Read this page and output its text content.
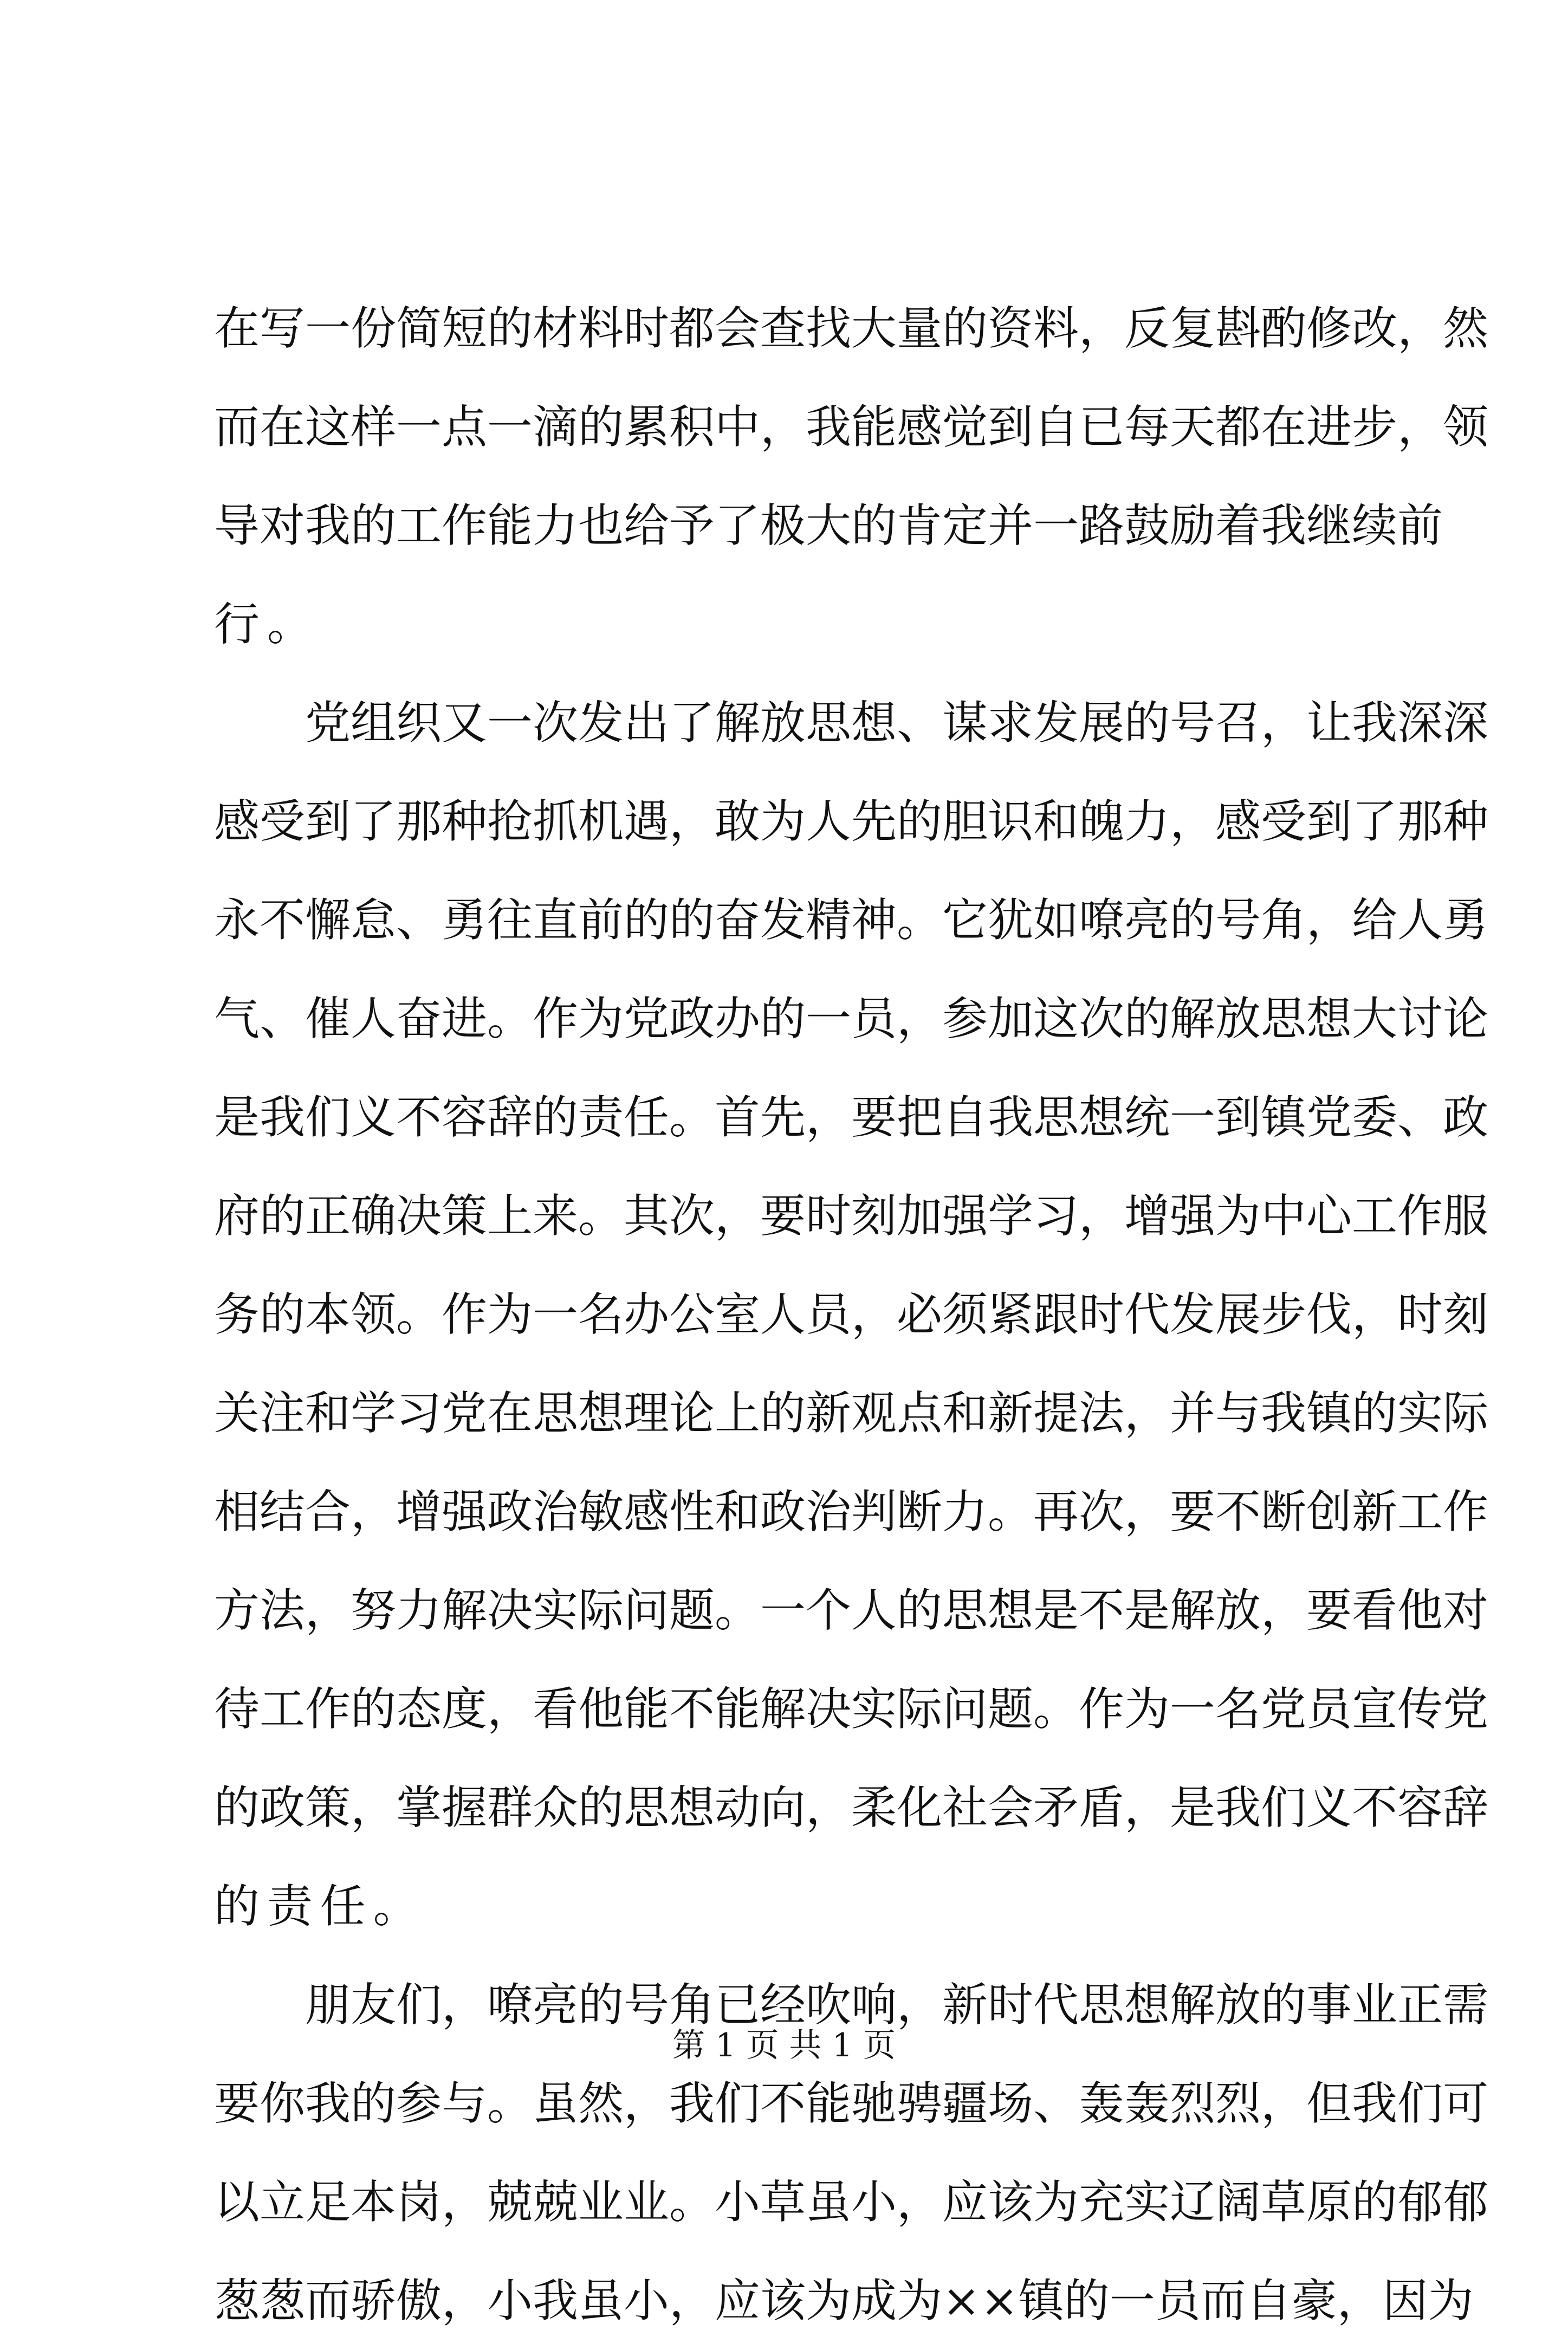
在写一份简短的材料时都会查找大量的资料，反复斟酌修改，然
而在这样一点一滴的累积中，我能感觉到自已每天都在进步，领
导对我的工作能力也给予了极大的肯定并一路鼓励着我继续前
行。
党组织又一次发出了解放思想、谋求发展的号召，让我深深
感受到了那种抢抓机遇，敢为人先的胆识和魄力，感受到了那种
永不懈怠、勇往直前的的奋发精神。它犹如嘹亮的号角，给人勇
气、催人奋进。作为党政办的一员，参加这次的解放思想大讨论
是我们义不容辞的责任。首先，要把自我思想统一到镇党委、政
府的正确决策上来。其次，要时刻加强学习，增强为中心工作服
务的本领。作为一名办公室人员，必须紧跟时代发展步伐，时刻
关注和学习党在思想理论上的新观点和新提法，并与我镇的实际
相结合，增强政治敏感性和政治判断力。再次，要不断创新工作
方法，努力解决实际问题。一个人的思想是不是解放，要看他对
待工作的态度，看他能不能解决实际问题。作为一名党员宣传党
的政策，掌握群众的思想动向，柔化社会矛盾，是我们义不容辞
的责任。
朋友们，嘹亮的号角已经吹响，新时代思想解放的事业正需
要你我的参与。虽然，我们不能驰骋疆场、轰轰烈烈，但我们可
以立足本岗，兢兢业业。小草虽小，应该为充实辽阔草原的郁郁
葱葱而骄傲，小我虽小，应该为成为××镇的一员而自豪，因为
第 1 页 共 1 页
